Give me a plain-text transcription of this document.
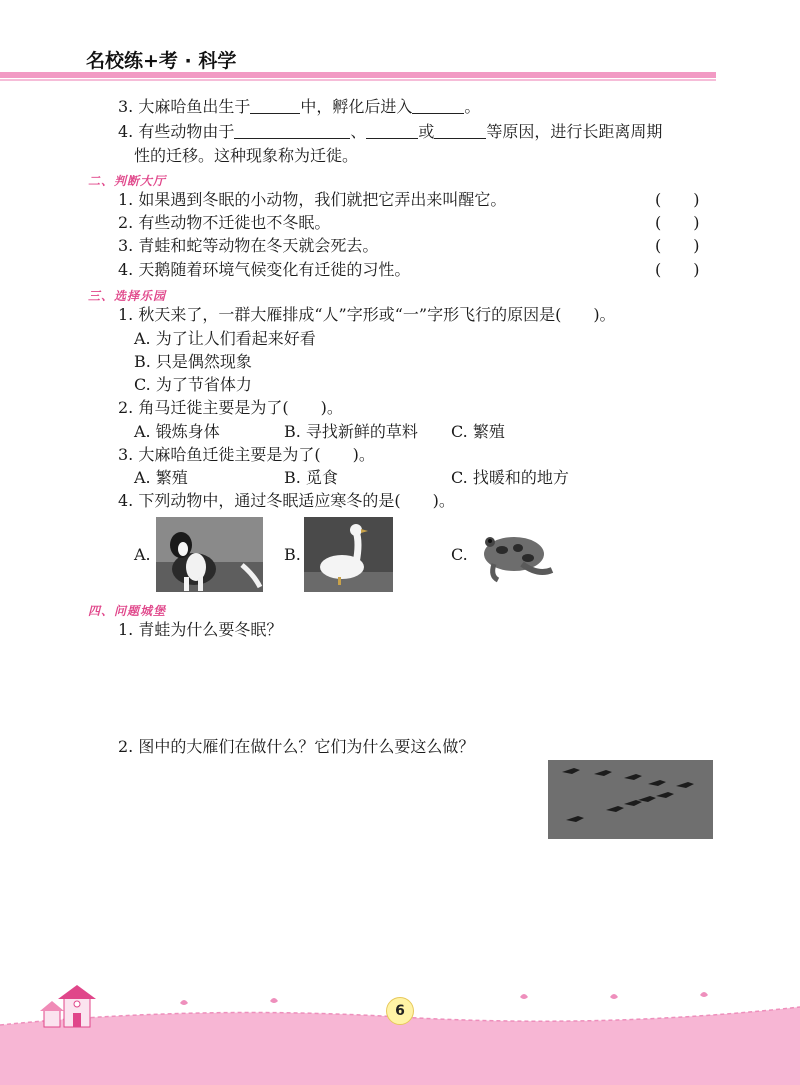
名校练+考 · 科学
3. 大麻哈鱼出生于	中，孵化后进入	。
4. 有些动物由于	、	或	等原因，进行长距离周期
性的迁移。这种现象称为迁徙。
二、判断大厅
1. 如果遇到冬眠的小动物，我们就把它弄出来叫醒它。	(　　)
2. 有些动物不迁徙也不冬眠。	(　　)
3. 青蛙和蛇等动物在冬天就会死去。	(　　)
4. 天鹅随着环境气候变化有迁徙的习性。	(　　)
三、选择乐园
1. 秋天来了，一群大雁排成“人”字形或“一”字形飞行的原因是(　　)。
A. 为了让人们看起来好看
B. 只是偶然现象
C. 为了节省体力
2. 角马迁徙主要是为了(　　)。
A. 锻炼身体	B. 寻找新鲜的草料 C. 繁殖
3. 大麻哈鱼迁徙主要是为了(　　)。
A. 繁殖	B. 觅食	C. 找暖和的地方
4. 下列动物中，通过冬眠适应寒冬的是(　　)。
A.	B.	C.
四、问题城堡
1. 青蛙为什么要冬眠？
2. 图中的大雁们在做什么？它们为什么要这么做？
6
